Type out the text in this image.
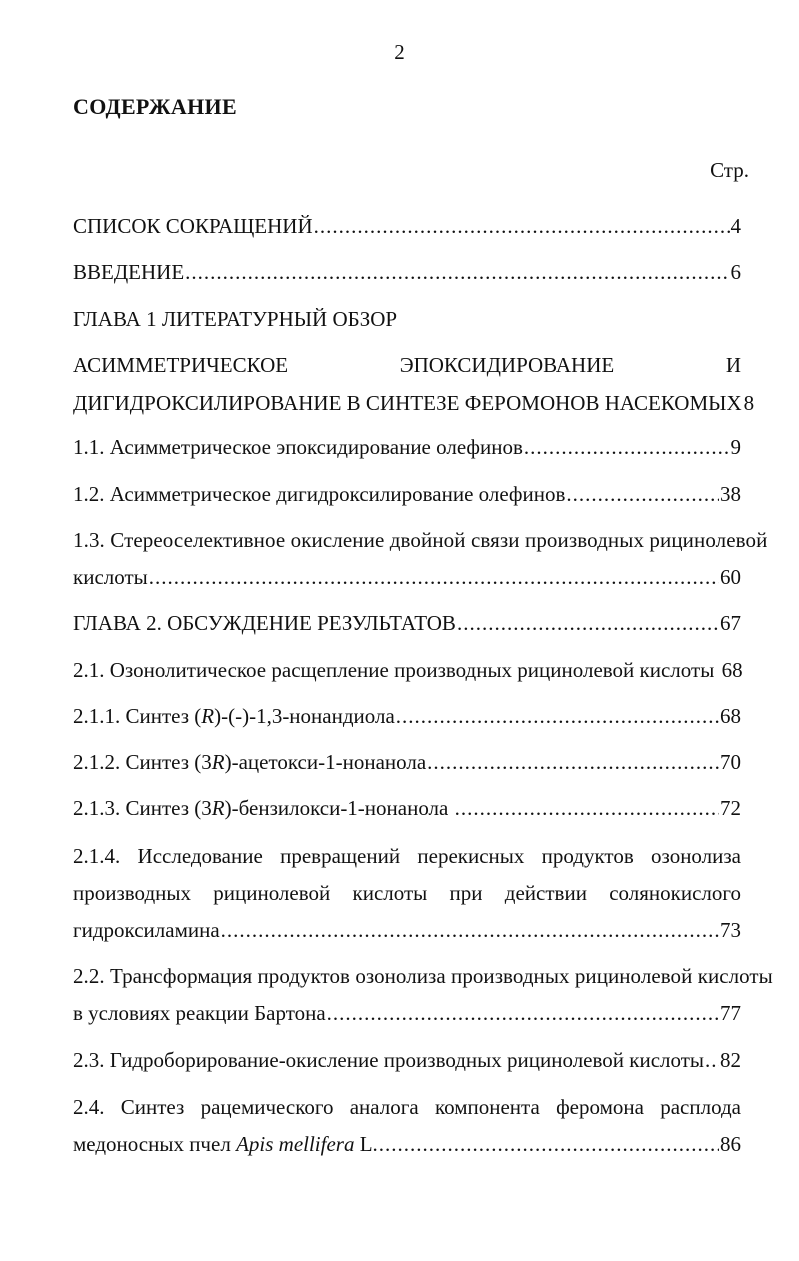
2
СОДЕРЖАНИЕ
Стр.
СПИСОК СОКРАЩЕНИЙ .....	4
ВВЕДЕНИЕ .....	6
ГЛАВА 1 ЛИТЕРАТУРНЫЙ ОБЗОР
АСИММЕТРИЧЕСКОЕ	ЭПОКСИДИРОВАНИЕ	И
ДИГИДРОКСИЛИРОВАНИЕ В СИНТЕЗЕ ФЕРОМОНОВ НАСЕКОМЫХ 8
1.1. Асимметрическое эпоксидирование олефинов .....	9
1.2. Асимметрическое дигидроксилирование олефинов .....	38
1.3. Стереоселективное окисление двойной связи производных рицинолевой
кислоты .....	60
ГЛАВА 2. ОБСУЖДЕНИЕ РЕЗУЛЬТАТОВ .....	67
2.1. Озонолитическое расщепление производных рицинолевой кислоты 68
2.1.1. Синтез (R)-(-)-1,3-нонандиола .....	68
2.1.2. Синтез (3R)-ацетокси-1-нонанола .....	70
2.1.3. Синтез (3R)-бензилокси-1-нонанола .....	72
2.1.4. Исследование превращений перекисных продуктов озонолиза
производных рицинолевой кислоты при действии солянокислого
гидроксиламина .....	73
2.2. Трансформация продуктов озонолиза производных рицинолевой кислоты
в условиях реакции Бартона .....	77
2.3. Гидроборирование-окисление производных рицинолевой кислоты ..... 82
2.4. Синтез рацемического аналога компонента феромона расплода
медоносных пчел Apis mellifera L. .....	86
